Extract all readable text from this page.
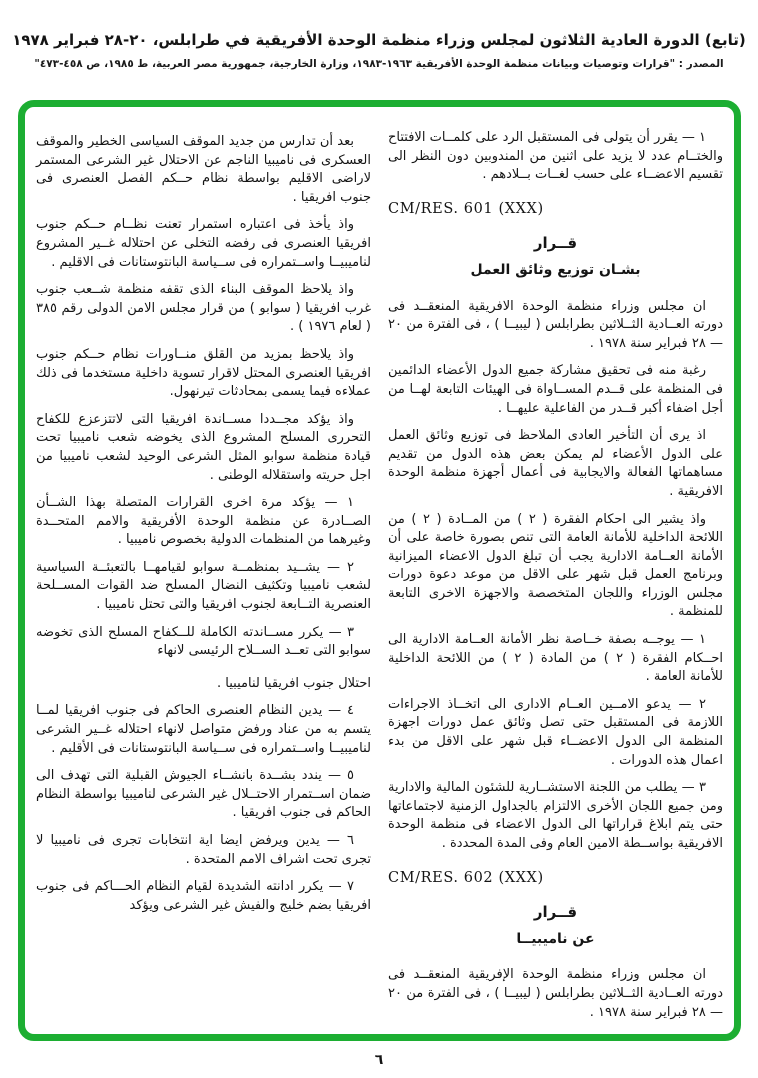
(تابع) الدورة العادية الثلاثون لمجلس وزراء منظمة الوحدة الأفريقية في طرابلس، ٢٠-٢٨ فبراير ١٩٧٨
المصدر : "قرارات وتوصيات وبيانات منظمة الوحدة الأفريقية ١٩٦٣-١٩٨٣، وزارة الخارجية، جمهورية مصر العربية، ط ١٩٨٥، ص ٤٥٨-٤٧٣"
١ — يقرر أن يتولى فى المستقبل الرد على كلمــات الافتتاح والختــام عدد لا يزيد على اثنين من المندوبين دون النظر الى تقسيم الاعضــاء على حسب لغــات بــلادهم .
CM/RES. 601 (XXX)
قــرار
بشـان توزيع وثائق العمل
ان مجلس وزراء منظمة الوحدة الافريقية المنعقــد فى دورته العــادية الثــلاثين بطرابلس ( ليبيــا ) ، فى الفترة من ٢٠ — ٢٨ فبراير سنة ١٩٧٨ .
رغبة منه فى تحقيق مشاركة جميع الدول الأعضاء الدائمين فى المنظمة على قــدم المســاواة فى الهيئات التابعة لهــا من أجل اضفاء أكبر قــدر من الفاعلية عليهــا .
اذ يرى أن التأخير العادى الملاحظ فى توزيع وثائق العمل على الدول الأعضاء لم يمكن بعض هذه الدول من تقديم مساهماتها الفعالة والايجابية فى أعمال أجهزة منظمة الوحدة الافريقية .
واذ يشير الى احكام الفقرة ( ٢ ) من المــادة ( ٢ ) من اللائحة الداخلية للأمانة العامة التى تنص بصورة خاصة على أن الأمانة العــامة الادارية يجب أن تبلغ الدول الاعضاء الميزانية وبرنامج العمل قبل شهر على الاقل من موعد دعوة دورات مجلس الوزراء واللجان المتخصصة والاجهزة الاخرى التابعة للمنظمة .
١ — يوجــه بصفة خــاصة نظر الأمانة العــامة الادارية الى احــكام الفقرة ( ٢ ) من المادة ( ٢ ) من اللائحة الداخلية للأمانة العامة .
٢ — يدعو الامــين العــام الادارى الى اتخــاذ الاجراءات اللازمة فى المستقبل حتى تصل وثائق عمل دورات اجهزة المنظمة الى الدول الاعضــاء قبل شهر على الاقل من بدء اعمال هذه الدورات .
٣ — يطلب من اللجنة الاستشــارية للشئون المالية والادارية ومن جميع اللجان الأخرى الالتزام بالجداول الزمنية لاجتماعاتها حتى يتم ابلاغ قراراتها الى الدول الاعضاء فى منظمة الوحدة الافريقية بواســطة الامين العام وفى المدة المحددة .
CM/RES. 602 (XXX)
قــرار
عن ناميبيــا
ان مجلس وزراء منظمة الوحدة الإفريقية المنعقــد فى دورته العــادية الثــلاثين بطرابلس ( ليبيــا ) ، فى الفترة من ٢٠ — ٢٨ فبراير سنة ١٩٧٨ .
بعد أن تدارس من جديد الموقف السياسى الخطير والموقف العسكرى فى ناميبيا الناجم عن الاحتلال غير الشرعى المستمر لاراضى الاقليم بواسطة نظام حــكم الفصل العنصرى فى جنوب افريقيا .
واذ يأخذ فى اعتباره استمرار تعنت نظــام حــكم جنوب افريقيا العنصرى فى رفضه التخلى عن احتلاله غــير المشروع لناميبيــا واســتمراره فى ســياسة البانتوستانات فى الاقليم .
واذ يلاحظ الموقف البناء الذى تقفه منظمة شــعب جنوب غرب افريقيا ( سوابو ) من قرار مجلس الامن الدولى رقم ٣٨٥ ( لعام ١٩٧٦ ) .
واذ يلاحظ بمزيد من القلق منــاورات نظام حــكم جنوب افريقيا العنصرى المحتل لاقرار تسوية داخلية مستخدما فى ذلك عملاءه فيما يسمى بمحادثات تيرنهول.
واذ يؤكد مجــددا مســاندة افريقيا التى لاتتزعزع للكفاح التحررى المسلح المشروع الذى يخوضه شعب ناميبيا تحت قيادة منظمة سوابو المثل الشرعى الوحيد لشعب ناميبيا من اجل حريته واستقلاله الوطنى .
١ — يؤكد مرة اخرى القرارات المتصلة بهذا الشــأن الصــادرة عن منظمة الوحدة الأفريقية والامم المتحــدة وغيرهما من المنظمات الدولية بخصوص ناميبيا .
٢ — يشــيد بمنظمــة سوابو لقيامهــا بالتعبئــة السياسية لشعب ناميبيا وتكثيف النضال المسلح ضد القوات المســلحة العنصرية التــابعة لجنوب افريقيا والتى تحتل ناميبيا .
٣ — يكرر مســاندته الكاملة للــكفاح المسلح الذى تخوضه سوابو التى تعــد الســلاح الرئيسى لانهاء
احتلال جنوب افريقيا لناميبيا .
٤ — يدين النظام العنصرى الحاكم فى جنوب افريقيا لمــا يتسم به من عناد ورفض متواصل لانهاء احتلاله غــير الشرعى لناميبيــا واســتمراره فى ســياسة البانتوستانات فى الأقليم .
٥ — يندد بشــدة بانشــاء الجيوش القبلية التى تهدف الى ضمان اســتمرار الاحتــلال غير الشرعى لناميبيا بواسطة النظام الحاكم فى جنوب افريقيا .
٦ — يدين ويرفض ايضا اية انتخابات تجرى فى ناميبيا لا تجرى تحت اشراف الامم المتحدة .
٧ — يكرر ادانته الشديدة لقيام النظام الحـــاكم فى جنوب افريقيا بضم خليج والفيش غير الشرعى ويؤكد
٦
